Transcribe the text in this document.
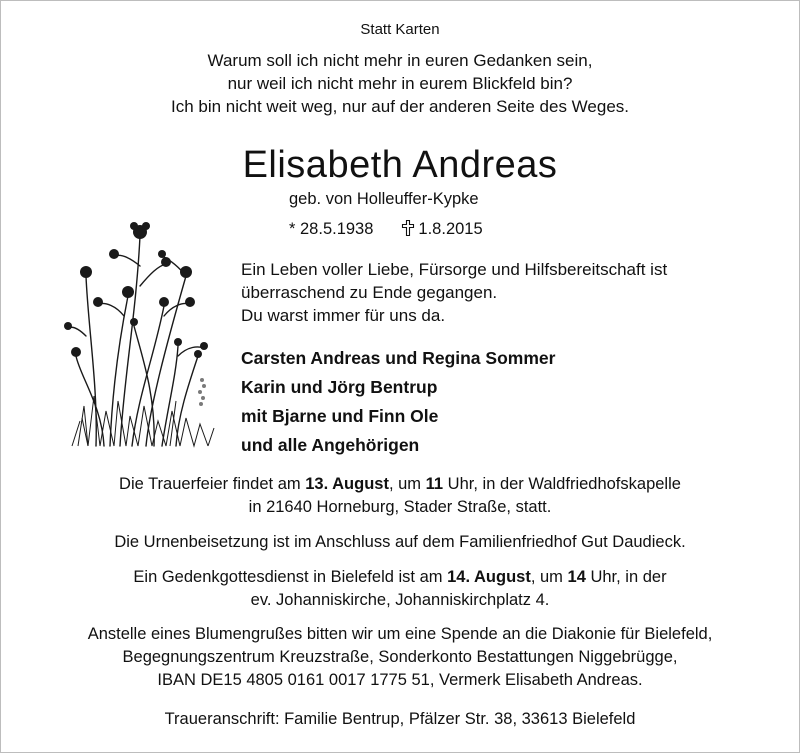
Statt Karten
Warum soll ich nicht mehr in euren Gedanken sein,
nur weil ich nicht mehr in eurem Blickfeld bin?
Ich bin nicht weit weg, nur auf der anderen Seite des Weges.
Elisabeth Andreas
geb. von Holleuffer-Kypke
* 28.5.1938	1.8.2015
Ein Leben voller Liebe, Fürsorge und Hilfsbereitschaft ist
überraschend zu Ende gegangen.
Du warst immer für uns da.
Carsten Andreas und Regina Sommer
Karin und Jörg Bentrup
mit Bjarne und Finn Ole
und alle Angehörigen
Die Trauerfeier findet am 13. August, um 11 Uhr, in der Waldfriedhofskapelle
in 21640 Horneburg, Stader Straße, statt.
Die Urnenbeisetzung ist im Anschluss auf dem Familienfriedhof Gut Daudieck.
Ein Gedenkgottesdienst in Bielefeld ist am 14. August, um 14 Uhr, in der
ev. Johanniskirche, Johanniskirchplatz 4.
Anstelle eines Blumengrußes bitten wir um eine Spende an die Diakonie für Bielefeld,
Begegnungszentrum Kreuzstraße, Sonderkonto Bestattungen Niggebrügge,
IBAN DE15 4805 0161 0017 1775 51, Vermerk Elisabeth Andreas.
Traueranschrift: Familie Bentrup, Pfälzer Str. 38, 33613 Bielefeld
